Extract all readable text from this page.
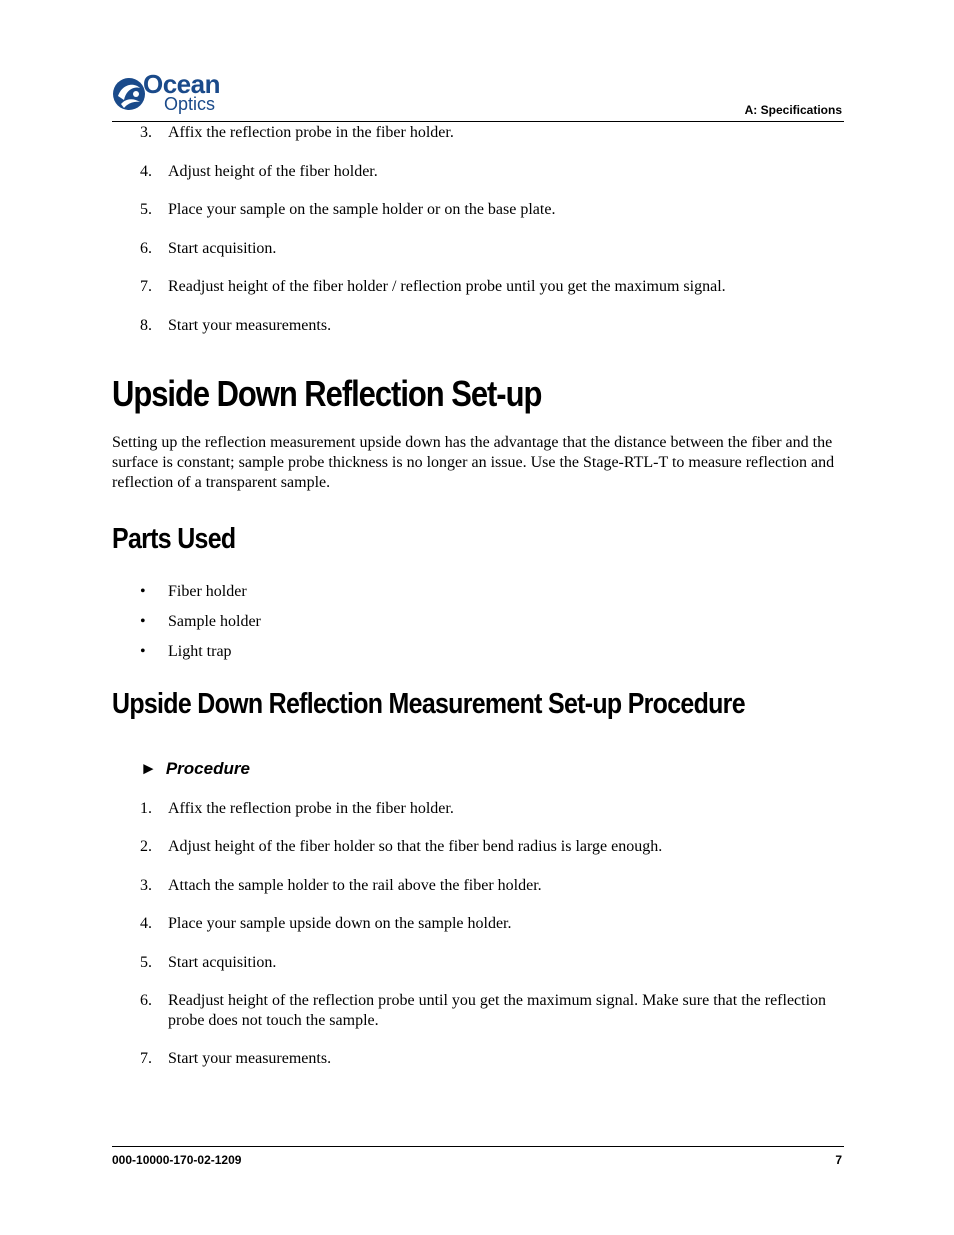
Ocean
Optics	A: Specifications
3. Affix the reflection probe in the fiber holder.
4. Adjust height of the fiber holder.
5. Place your sample on the sample holder or on the base plate.
6. Start acquisition.
7. Readjust height of the fiber holder / reflection probe until you get the maximum signal.
8. Start your measurements.
Upside Down Reflection Set-up

Setting up the reflection measurement upside down has the advantage that the distance between the fiber and the surface is constant; sample probe thickness is no longer an issue. Use the Stage-RTL-T to measure reflection and reflection of a transparent sample.

Parts Used
• Fiber holder
• Sample holder
• Light trap
Upside Down Reflection Measurement Set-up Procedure
► Procedure
1. Affix the reflection probe in the fiber holder.
2. Adjust height of the fiber holder so that the fiber bend radius is large enough.
3. Attach the sample holder to the rail above the fiber holder.
4. Place your sample upside down on the sample holder.
5. Start acquisition.
6. Readjust height of the reflection probe until you get the maximum signal. Make sure that the reflection probe does not touch the sample.
7. Start your measurements.
000-10000-170-02-1209	7
